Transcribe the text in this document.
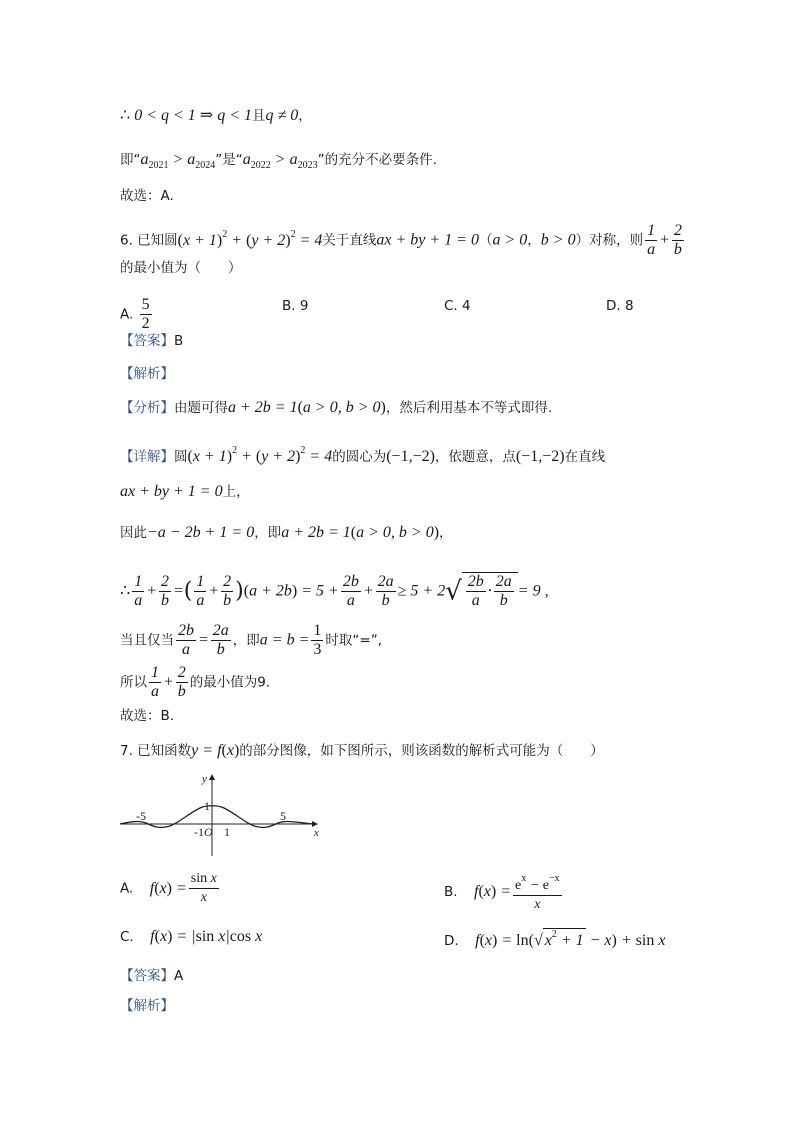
∴ 0 < q < 1 ⇒ q < 1且q ≠ 0，
即“$a_{2021} > a_{2024}$”是“$a_{2022} > a_{2023}$”的充分不必要条件.
故选：A.
6. 已知圆$(x + 1)^2 + (y + 2)^2 = 4$关于直线ax + by + 1 = 0（a > 0，b > 0）对称，则 $\frac{1}{a} + \frac{2}{b}$
的最小值为（　　）
A. $\frac{5}{2}$	B. 9	C. 4	D. 8
【答案】B
【解析】
【分析】由题可得a + 2b = 1(a > 0, b > 0)，然后利用基本不等式即得.
【详解】圆$(x + 1)^2 + (y + 2)^2 = 4$的圆心为(−1,−2)，依题意，点(−1,−2)在直线
ax + by + 1 = 0上，
因此−a − 2b + 1 = 0，即a + 2b = 1(a > 0, b > 0)，
∴ $\frac{1}{a} + \frac{2}{b}$ =( $\frac{1}{a} + \frac{2}{b} )(a + 2b) = 5 + \frac{2b}{a} + \frac{2a}{b} \ge 5 + 2√ \frac{2b}{a} \cdot \frac{2a}{b} = 9$ ,
当且仅当 $\frac{2b}{a} = \frac{2a}{b}$ ，即$a = b = \frac{1}{3}$ 时取“=”,
所以 $\frac{1}{a} + \frac{2}{b}$ 的最小值为9.
故选：B.
7. 已知函数y = f(x)的部分图像，如下图所示，则该函数的解析式可能为（　　）
y
x
-5	5
1
-1 O 1
A. $f(x) = \frac{\text{sin x}}{x}$	B. $f(x) = \frac{e^x - e^{-x}}{x}$
C. f(x) = |sin x|cos x	D. f(x) = ln(√ $x^2 + 1 - x) + \sin x$
【答案】A
【解析】
